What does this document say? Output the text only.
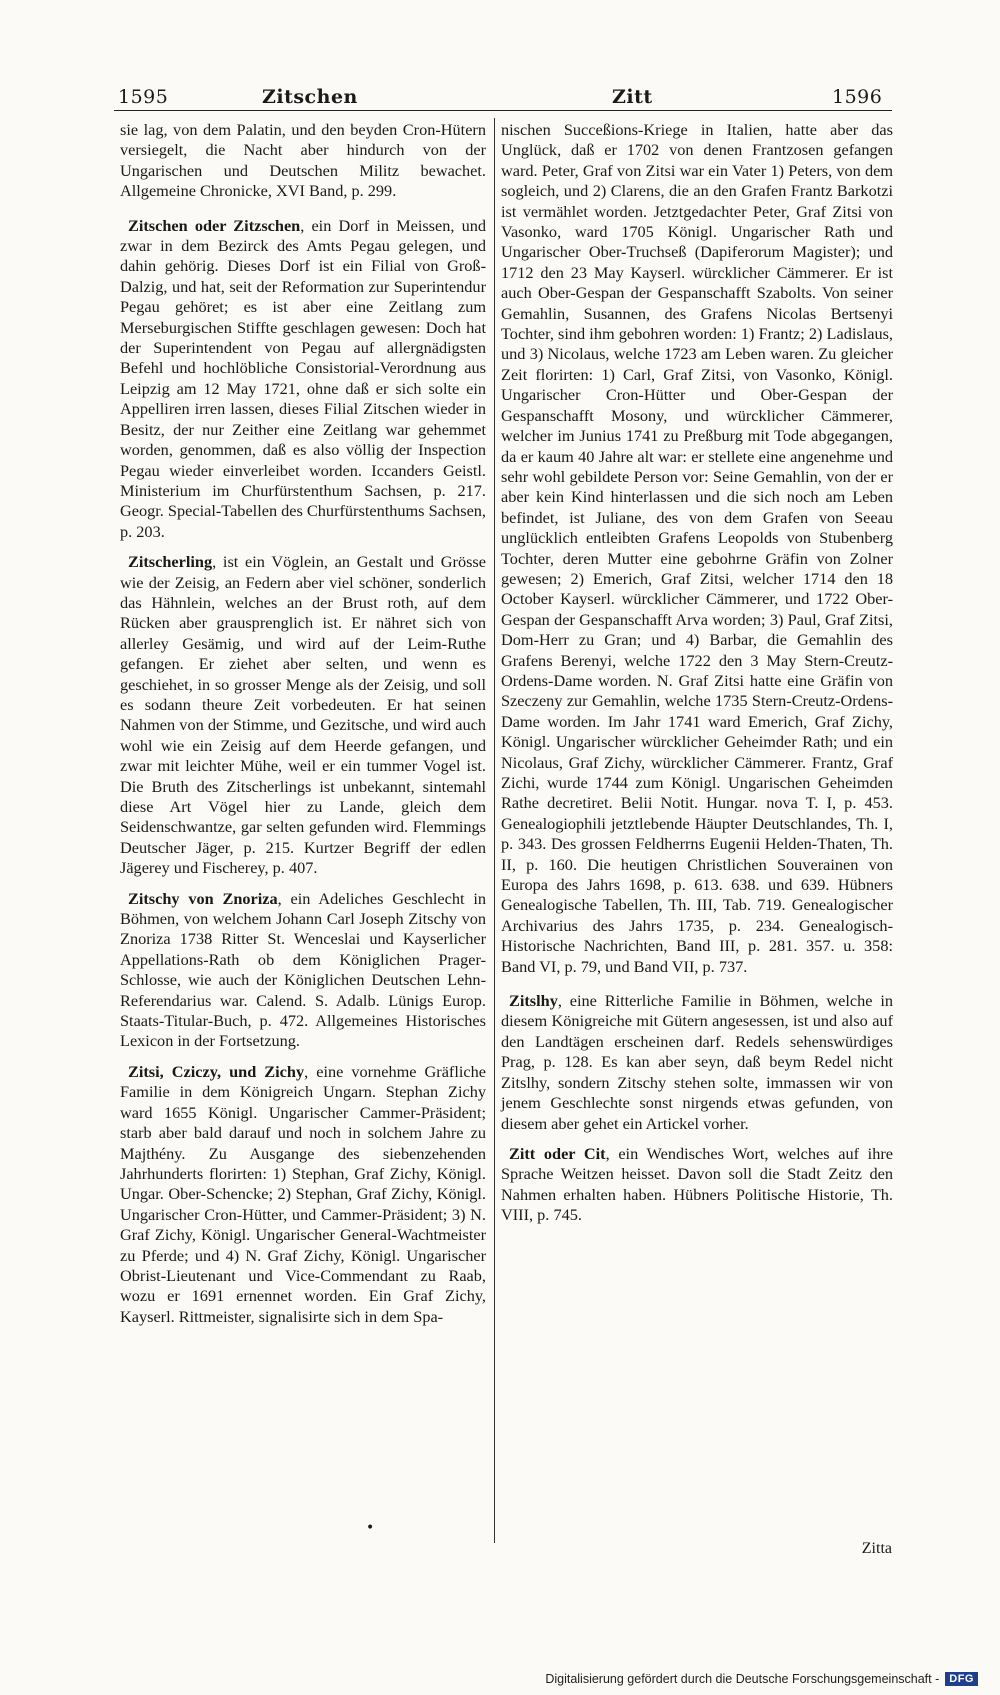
1595	Zitschen	Zitt	1596

sie lag, von dem Palatin, und den beyden Cron-Hütern versiegelt, die Nacht aber hindurch von der Ungarischen und Deutschen Militz bewachet. Allgemeine Chronicke, XVI Band, p. 299.

Zitschen oder Zitzschen, ein Dorf in Meissen, und zwar in dem Bezirck des Amts Pegau gelegen, und dahin gehörig. Dieses Dorf ist ein Filial von Groß-Dalzig, und hat, seit der Reformation zur Superintendur Pegau gehöret; es ist aber eine Zeitlang zum Merseburgischen Stiffte geschlagen gewesen: Doch hat der Superintendent von Pegau auf allergnädigsten Befehl und hochlöbliche Consistorial-Verordnung aus Leipzig am 12 May 1721, ohne daß er sich solte ein Appelliren irren lassen, dieses Filial Zitschen wieder in Besitz, der nur Zeither eine Zeitlang war gehemmet worden, genommen, daß es also völlig der Inspection Pegau wieder einverleibet worden. Iccanders Geistl. Ministerium im Churfürstenthum Sachsen, p. 217. Geogr. Special-Tabellen des Churfürstenthums Sachsen, p. 203.

Zitscherling, ist ein Vöglein, an Gestalt und Grösse wie der Zeisig, an Federn aber viel schöner, sonderlich das Hähnlein, welches an der Brust roth, auf dem Rücken aber grausprenglich ist. Er nähret sich von allerley Gesämig, und wird auf der Leim-Ruthe gefangen. Er ziehet aber selten, und wenn es geschiehet, in so grosser Menge als der Zeisig, und soll es sodann theure Zeit vorbedeuten. Er hat seinen Nahmen von der Stimme, und Gezitsche, und wird auch wohl wie ein Zeisig auf dem Heerde gefangen, und zwar mit leichter Mühe, weil er ein tummer Vogel ist. Die Bruth des Zitscherlings ist unbekannt, sintemahl diese Art Vögel hier zu Lande, gleich dem Seidenschwantze, gar selten gefunden wird. Flemmings Deutscher Jäger, p. 215. Kurtzer Begriff der edlen Jägerey und Fischerey, p. 407.

Zitschy von Znoriza, ein Adeliches Geschlecht in Böhmen, von welchem Johann Carl Joseph Zitschy von Znoriza 1738 Ritter St. Wenceslai und Kayserlicher Appellations-Rath ob dem Königlichen Prager-Schlosse, wie auch der Königlichen Deutschen Lehn-Referendarius war. Calend. S. Adalb. Lünigs Europ. Staats-Titular-Buch, p. 472. Allgemeines Historisches Lexicon in der Fortsetzung.

Zitsi, Cziczy, und Zichy, eine vornehme Gräfliche Familie in dem Königreich Ungarn. Stephan Zichy ward 1655 Königl. Ungarischer Cammer-Präsident; starb aber bald darauf und noch in solchem Jahre zu Majthény. Zu Ausgange des siebenzehenden Jahrhunderts florirten: 1) Stephan, Graf Zichy, Königl. Ungar. Ober-Schencke; 2) Stephan, Graf Zichy, Königl. Ungarischer Cron-Hütter, und Cammer-Präsident; 3) N. Graf Zichy, Königl. Ungarischer General-Wachtmeister zu Pferde; und 4) N. Graf Zichy, Königl. Ungarischer Obrist-Lieutenant und Vice-Commendant zu Raab, wozu er 1691 ernennet worden. Ein Graf Zichy, Kayserl. Rittmeister, signalisirte sich in dem Spa-

nischen Succeßions-Kriege in Italien, hatte aber das Unglück, daß er 1702 von denen Frantzosen gefangen ward. Peter, Graf von Zitsi war ein Vater 1) Peters, von dem sogleich, und 2) Clarens, die an den Grafen Frantz Barkotzi ist vermählet worden. Jetztgedachter Peter, Graf Zitsi von Vasonko, ward 1705 Königl. Ungarischer Rath und Ungarischer Ober-Truchseß (Dapiferorum Magister); und 1712 den 23 May Kayserl. würcklicher Cämmerer. Er ist auch Ober-Gespan der Gespanschafft Szabolts. Von seiner Gemahlin, Susannen, des Grafens Nicolas Bertsenyi Tochter, sind ihm gebohren worden: 1) Frantz; 2) Ladislaus, und 3) Nicolaus, welche 1723 am Leben waren. Zu gleicher Zeit florirten: 1) Carl, Graf Zitsi, von Vasonko, Königl. Ungarischer Cron-Hütter und Ober-Gespan der Gespanschafft Mosony, und würcklicher Cämmerer, welcher im Junius 1741 zu Preßburg mit Tode abgegangen, da er kaum 40 Jahre alt war: er stellete eine angenehme und sehr wohl gebildete Person vor: Seine Gemahlin, von der er aber kein Kind hinterlassen und die sich noch am Leben befindet, ist Juliane, des von dem Grafen von Seeau unglücklich entleibten Grafens Leopolds von Stubenberg Tochter, deren Mutter eine gebohrne Gräfin von Zolner gewesen; 2) Emerich, Graf Zitsi, welcher 1714 den 18 October Kayserl. würcklicher Cämmerer, und 1722 Ober-Gespan der Gespanschafft Arva worden; 3) Paul, Graf Zitsi, Dom-Herr zu Gran; und 4) Barbar, die Gemahlin des Grafens Berenyi, welche 1722 den 3 May Stern-Creutz-Ordens-Dame worden. N. Graf Zitsi hatte eine Gräfin von Szeczeny zur Gemahlin, welche 1735 Stern-Creutz-Ordens-Dame worden. Im Jahr 1741 ward Emerich, Graf Zichy, Königl. Ungarischer würcklicher Geheimder Rath; und ein Nicolaus, Graf Zichy, würcklicher Cämmerer. Frantz, Graf Zichi, wurde 1744 zum Königl. Ungarischen Geheimden Rathe decretiret. Belii Notit. Hungar. nova T. I, p. 453. Genealogiophili jetztlebende Häupter Deutschlandes, Th. I, p. 343. Des grossen Feldherrns Eugenii Helden-Thaten, Th. II, p. 160. Die heutigen Christlichen Souverainen von Europa des Jahrs 1698, p. 613. 638. und 639. Hübners Genealogische Tabellen, Th. III, Tab. 719. Genealogischer Archivarius des Jahrs 1735, p. 234. Genealogisch-Historische Nachrichten, Band III, p. 281. 357. u. 358: Band VI, p. 79, und Band VII, p. 737.

Zitslhy, eine Ritterliche Familie in Böhmen, welche in diesem Königreiche mit Gütern angesessen, ist und also auf den Landtägen erscheinen darf. Redels sehenswürdiges Prag, p. 128. Es kan aber seyn, daß beym Redel nicht Zitslhy, sondern Zitschy stehen solte, immassen wir von jenem Geschlechte sonst nirgends etwas gefunden, von diesem aber gehet ein Artickel vorher.

Zitt oder Cit, ein Wendisches Wort, welches auf ihre Sprache Weitzen heisset. Davon soll die Stadt Zeitz den Nahmen erhalten haben. Hübners Politische Historie, Th. VIII, p. 745.

•
Zitta
Digitalisierung gefördert durch die Deutsche Forschungsgemeinschaft - DFG
